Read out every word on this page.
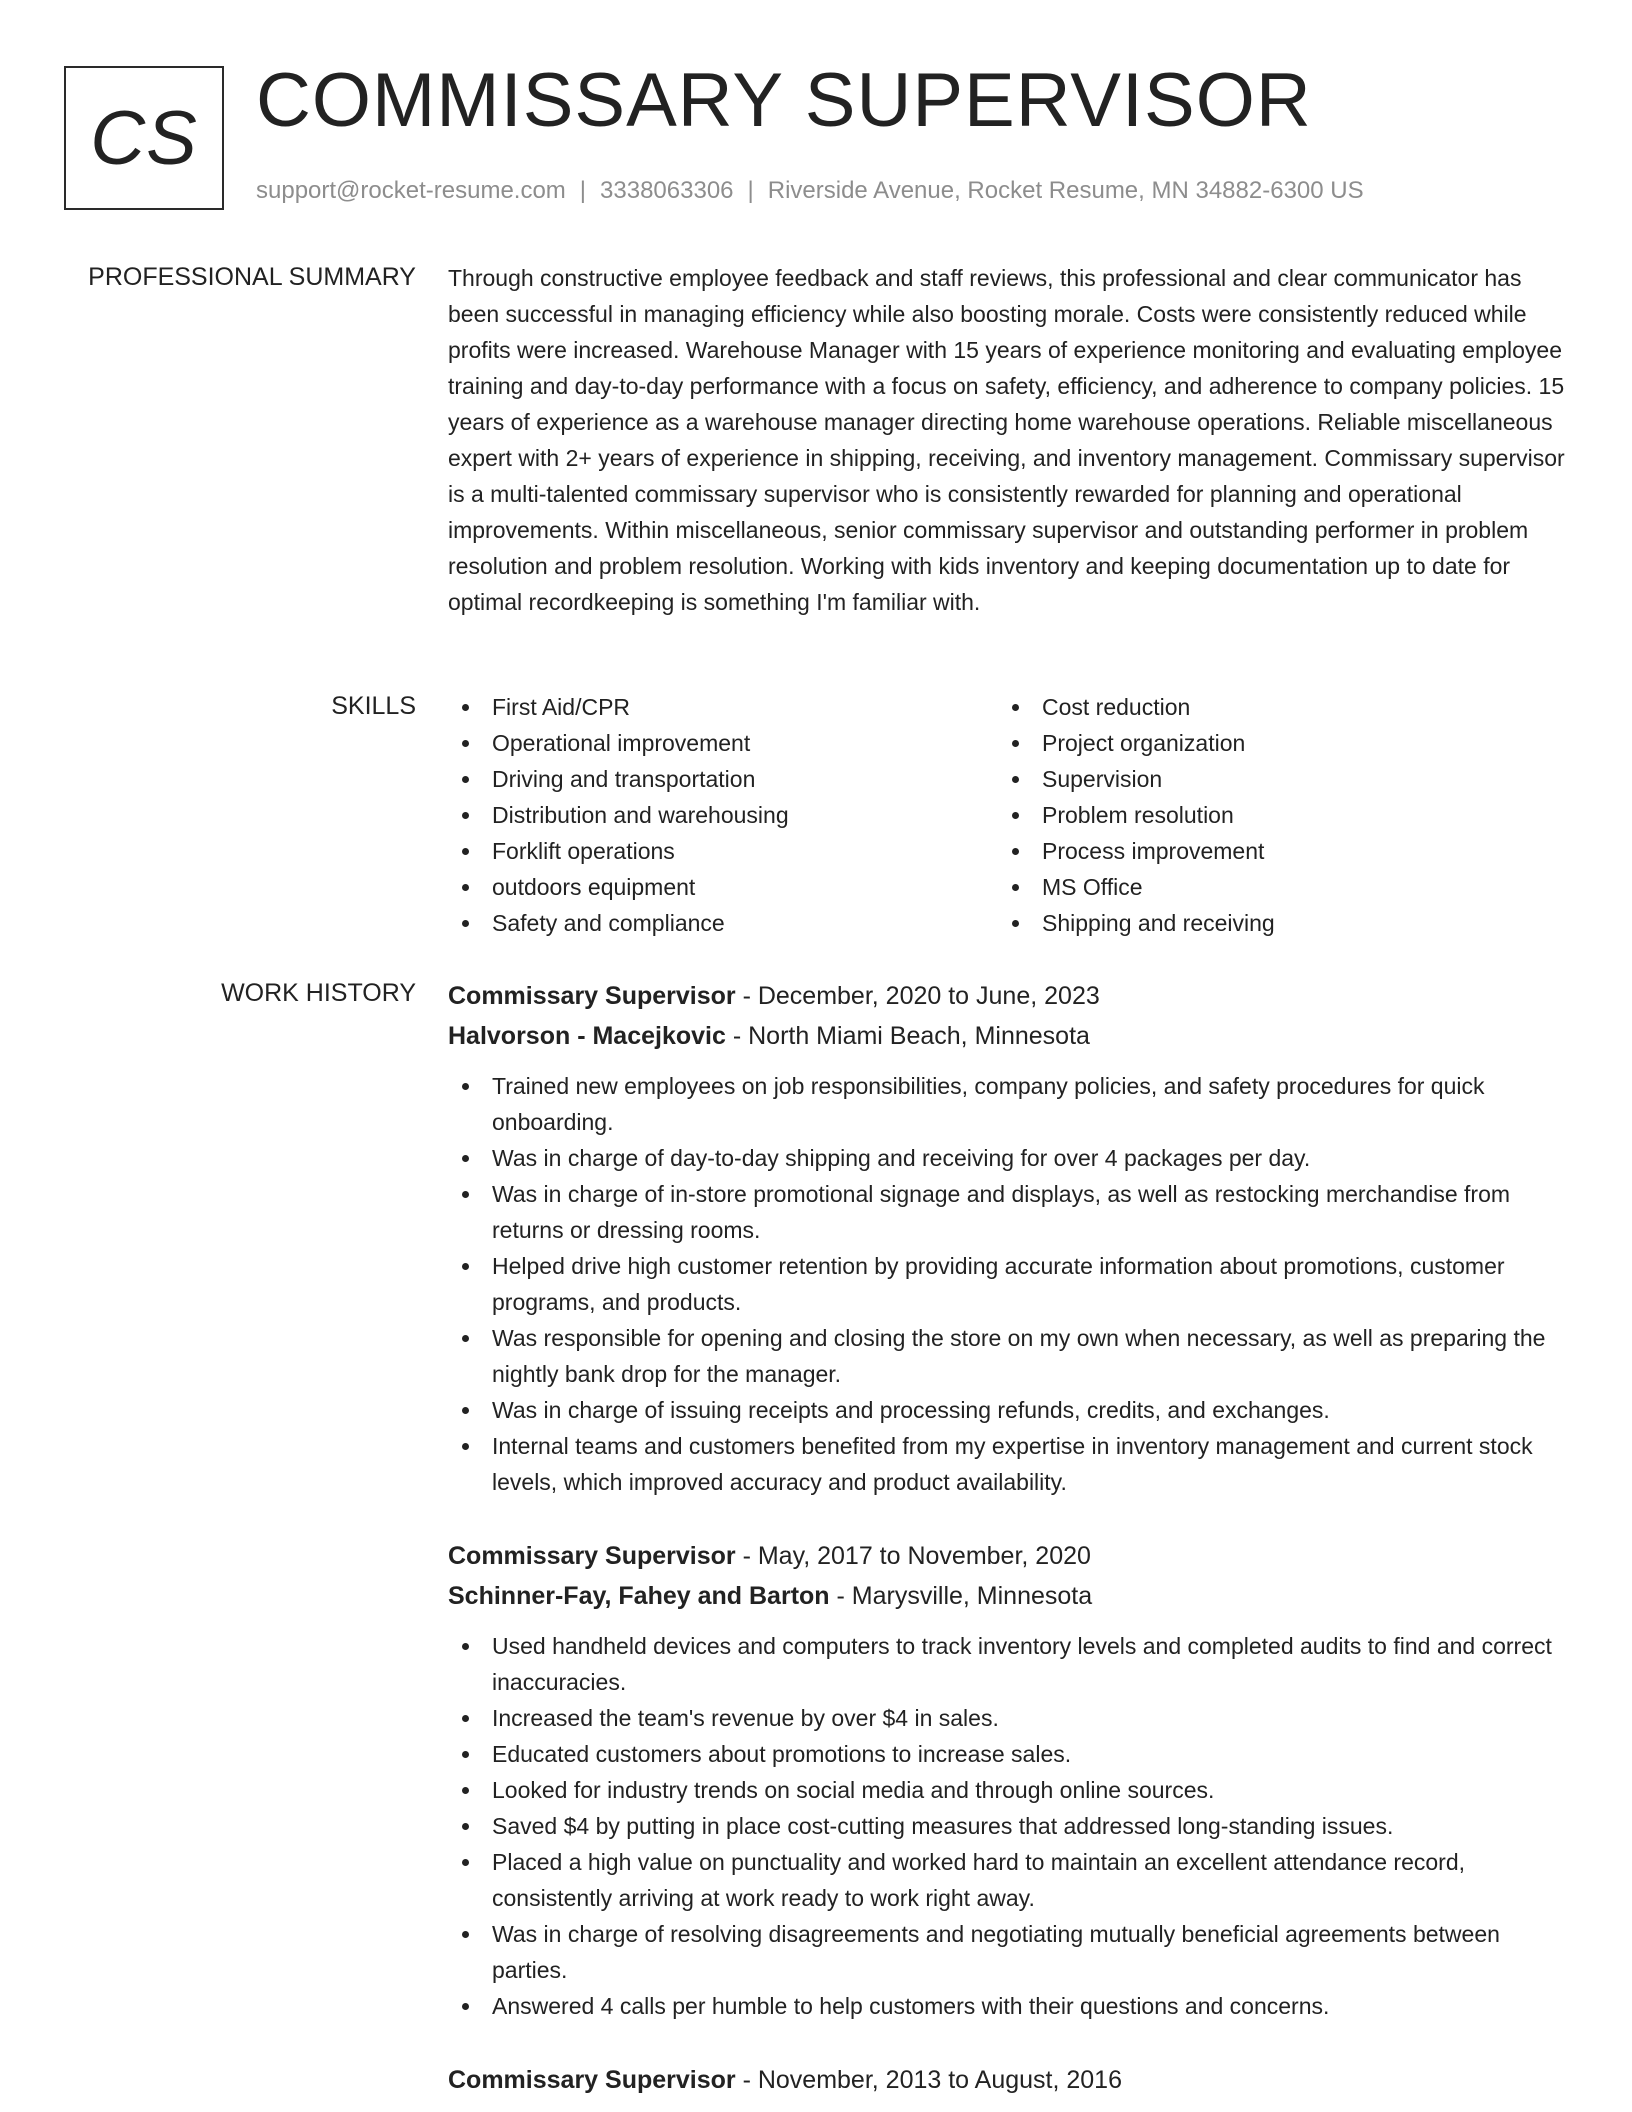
CS COMMISSARY SUPERVISOR
support@rocket-resume.com | 3338063306 | Riverside Avenue, Rocket Resume, MN 34882-6300 US
PROFESSIONAL SUMMARY Through constructive employee feedback and staff reviews, this professional and clear communicator has been successful in managing efficiency while also boosting morale. Costs were consistently reduced while profits were increased. Warehouse Manager with 15 years of experience monitoring and evaluating employee training and day-to-day performance with a focus on safety, efficiency, and adherence to company policies. 15 years of experience as a warehouse manager directing home warehouse operations. Reliable miscellaneous expert with 2+ years of experience in shipping, receiving, and inventory management. Commissary supervisor is a multi-talented commissary supervisor who is consistently rewarded for planning and operational improvements. Within miscellaneous, senior commissary supervisor and outstanding performer in problem resolution and problem resolution. Working with kids inventory and keeping documentation up to date for optimal recordkeeping is something I'm familiar with.
SKILLS	First Aid/CPR
Operational improvement
Driving and transportation
Distribution and warehousing
Forklift operations
outdoors equipment
Safety and compliance
Cost reduction
Project organization
Supervision
Problem resolution
Process improvement
MS Office
Shipping and receiving
WORK HISTORY Commissary Supervisor - December, 2020 to June, 2023
Halvorson - Macejkovic - North Miami Beach, Minnesota
Trained new employees on job responsibilities, company policies, and safety procedures for quick onboarding.
Was in charge of day-to-day shipping and receiving for over 4 packages per day.
Was in charge of in-store promotional signage and displays, as well as restocking merchandise from returns or dressing rooms.
Helped drive high customer retention by providing accurate information about promotions, customer programs, and products.
Was responsible for opening and closing the store on my own when necessary, as well as preparing the nightly bank drop for the manager.
Was in charge of issuing receipts and processing refunds, credits, and exchanges.
Internal teams and customers benefited from my expertise in inventory management and current stock levels, which improved accuracy and product availability.
Commissary Supervisor - May, 2017 to November, 2020
Schinner-Fay, Fahey and Barton - Marysville, Minnesota
Used handheld devices and computers to track inventory levels and completed audits to find and correct inaccuracies.
Increased the team's revenue by over $4 in sales.
Educated customers about promotions to increase sales.
Looked for industry trends on social media and through online sources.
Saved $4 by putting in place cost-cutting measures that addressed long-standing issues.
Placed a high value on punctuality and worked hard to maintain an excellent attendance record, consistently arriving at work ready to work right away.
Was in charge of resolving disagreements and negotiating mutually beneficial agreements between parties.
Answered 4 calls per humble to help customers with their questions and concerns.
Commissary Supervisor - November, 2013 to August, 2016
